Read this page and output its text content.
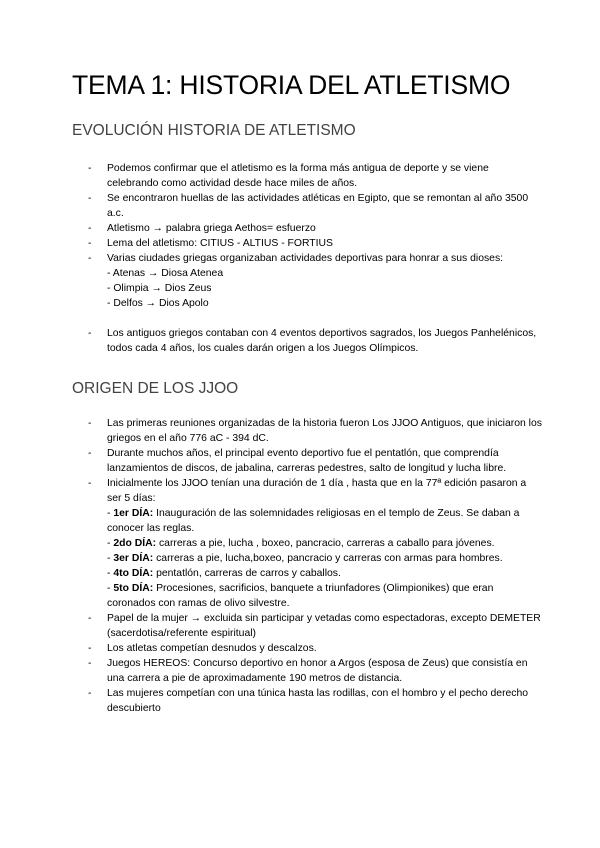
TEMA 1: HISTORIA DEL ATLETISMO
EVOLUCIÓN HISTORIA DE ATLETISMO
- Podemos confirmar que el atletismo es la forma más antigua de deporte y se viene celebrando como actividad desde hace miles de años.
- Se encontraron huellas de las actividades atléticas en Egipto, que se remontan al año 3500 a.c.
- Atletismo → palabra griega Aethos= esfuerzo
- Lema del atletismo: CITIUS - ALTIUS - FORTIUS
- Varias ciudades griegas organizaban actividades deportivas para honrar a sus dioses:
- Atenas → Diosa Atenea
- Olimpia → Dios Zeus
- Delfos → Dios Apolo
- Los antiguos griegos contaban con 4 eventos deportivos sagrados, los Juegos Panhelénicos, todos cada 4 años, los cuales darán origen a los Juegos Olímpicos.
ORIGEN DE LOS JJOO
- Las primeras reuniones organizadas de la historia fueron Los JJOO Antiguos, que iniciaron los griegos en el año 776 aC - 394 dC.
- Durante muchos años, el principal evento deportivo fue el pentatlón, que comprendía lanzamientos de discos, de jabalina, carreras pedestres, salto de longitud y lucha libre.
- Inicialmente los JJOO tenían una duración de 1 día , hasta que en la 77ª edición pasaron a ser 5 días:
- 1er DÍA: Inauguración de las solemnidades religiosas en el templo de Zeus. Se daban a conocer las reglas.
- 2do DÍA: carreras a pie, lucha , boxeo, pancracio, carreras a caballo para jóvenes.
- 3er DÍA: carreras a pie, lucha,boxeo, pancracio y carreras con armas para hombres.
- 4to DÍA: pentatlón, carreras de carros y caballos.
- 5to DÍA: Procesiones, sacrificios, banquete a triunfadores (Olimpionikes) que eran coronados con ramas de olivo silvestre.
- Papel de la mujer → excluida sin participar y vetadas como espectadoras, excepto DEMETER (sacerdotisa/referente espiritual)
- Los atletas competían desnudos y descalzos.
- Juegos HEREOS: Concurso deportivo en honor a Argos (esposa de Zeus) que consistía en una carrera a pie de aproximadamente 190 metros de distancia.
- Las mujeres competían con una túnica hasta las rodillas, con el hombro y el pecho derecho descubierto
